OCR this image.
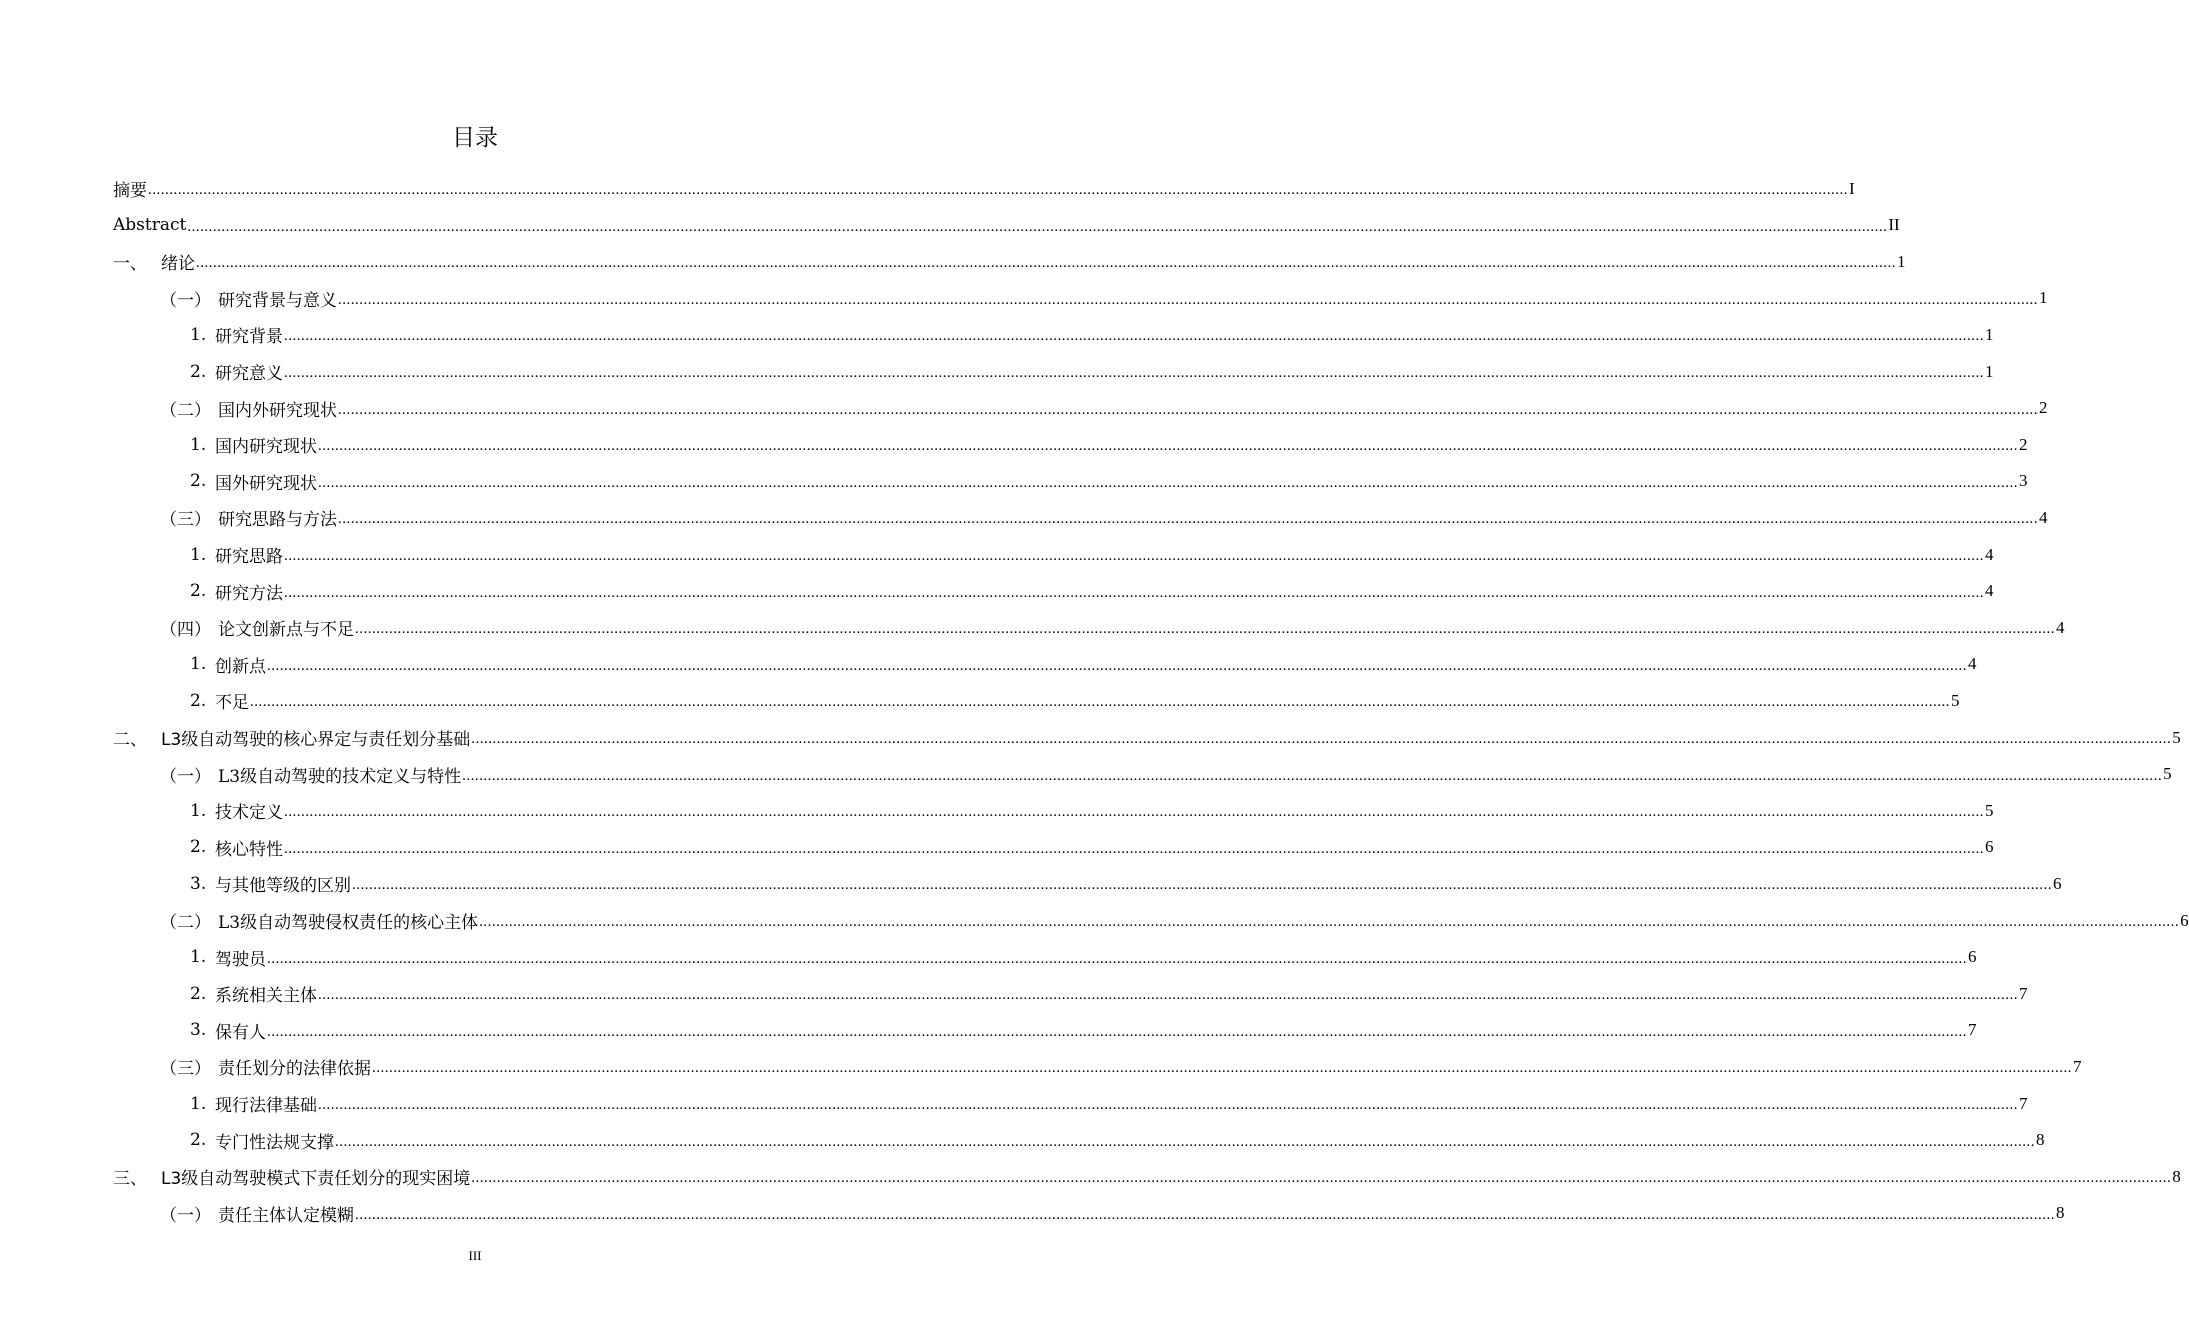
目录
摘要 ................................................................................................................................................................................................................................................................................................................................................................................................................ I
Abstract ................................................................................................................................................................................................................................................................................................................................................................................................................ II
一、 绪论 ................................................................................................................................................................................................................................................................................................................................................................................................................ 1
（一） 研究背景与意义 ................................................................................................................................................................................................................................................................................................................................................................................................................ 1
1. 研究背景 ................................................................................................................................................................................................................................................................................................................................................................................................................ 1
2. 研究意义 ................................................................................................................................................................................................................................................................................................................................................................................................................ 1
（二） 国内外研究现状 ................................................................................................................................................................................................................................................................................................................................................................................................................ 2
1. 国内研究现状 ................................................................................................................................................................................................................................................................................................................................................................................................................ 2
2. 国外研究现状 ................................................................................................................................................................................................................................................................................................................................................................................................................ 3
（三） 研究思路与方法 ................................................................................................................................................................................................................................................................................................................................................................................................................ 4
1. 研究思路 ................................................................................................................................................................................................................................................................................................................................................................................................................ 4
2. 研究方法 ................................................................................................................................................................................................................................................................................................................................................................................................................ 4
（四） 论文创新点与不足 ................................................................................................................................................................................................................................................................................................................................................................................................................ 4
1. 创新点 ................................................................................................................................................................................................................................................................................................................................................................................................................ 4
2. 不足 ................................................................................................................................................................................................................................................................................................................................................................................................................ 5
二、 L3级自动驾驶的核心界定与责任划分基础 ................................................................................................................................................................................................................................................................................................................................................................................................................ 5
（一） L3级自动驾驶的技术定义与特性 ................................................................................................................................................................................................................................................................................................................................................................................................................ 5
1. 技术定义 ................................................................................................................................................................................................................................................................................................................................................................................................................ 5
2. 核心特性 ................................................................................................................................................................................................................................................................................................................................................................................................................ 6
3. 与其他等级的区别 ................................................................................................................................................................................................................................................................................................................................................................................................................ 6
（二） L3级自动驾驶侵权责任的核心主体 ................................................................................................................................................................................................................................................................................................................................................................................................................ 6
1. 驾驶员 ................................................................................................................................................................................................................................................................................................................................................................................................................ 6
2. 系统相关主体 ................................................................................................................................................................................................................................................................................................................................................................................................................ 7
3. 保有人 ................................................................................................................................................................................................................................................................................................................................................................................................................ 7
（三） 责任划分的法律依据 ................................................................................................................................................................................................................................................................................................................................................................................................................ 7
1. 现行法律基础 ................................................................................................................................................................................................................................................................................................................................................................................................................ 7
2. 专门性法规支撑 ................................................................................................................................................................................................................................................................................................................................................................................................................ 8
三、 L3级自动驾驶模式下责任划分的现实困境 ................................................................................................................................................................................................................................................................................................................................................................................................................ 8
（一） 责任主体认定模糊 ................................................................................................................................................................................................................................................................................................................................................................................................................ 8
III
